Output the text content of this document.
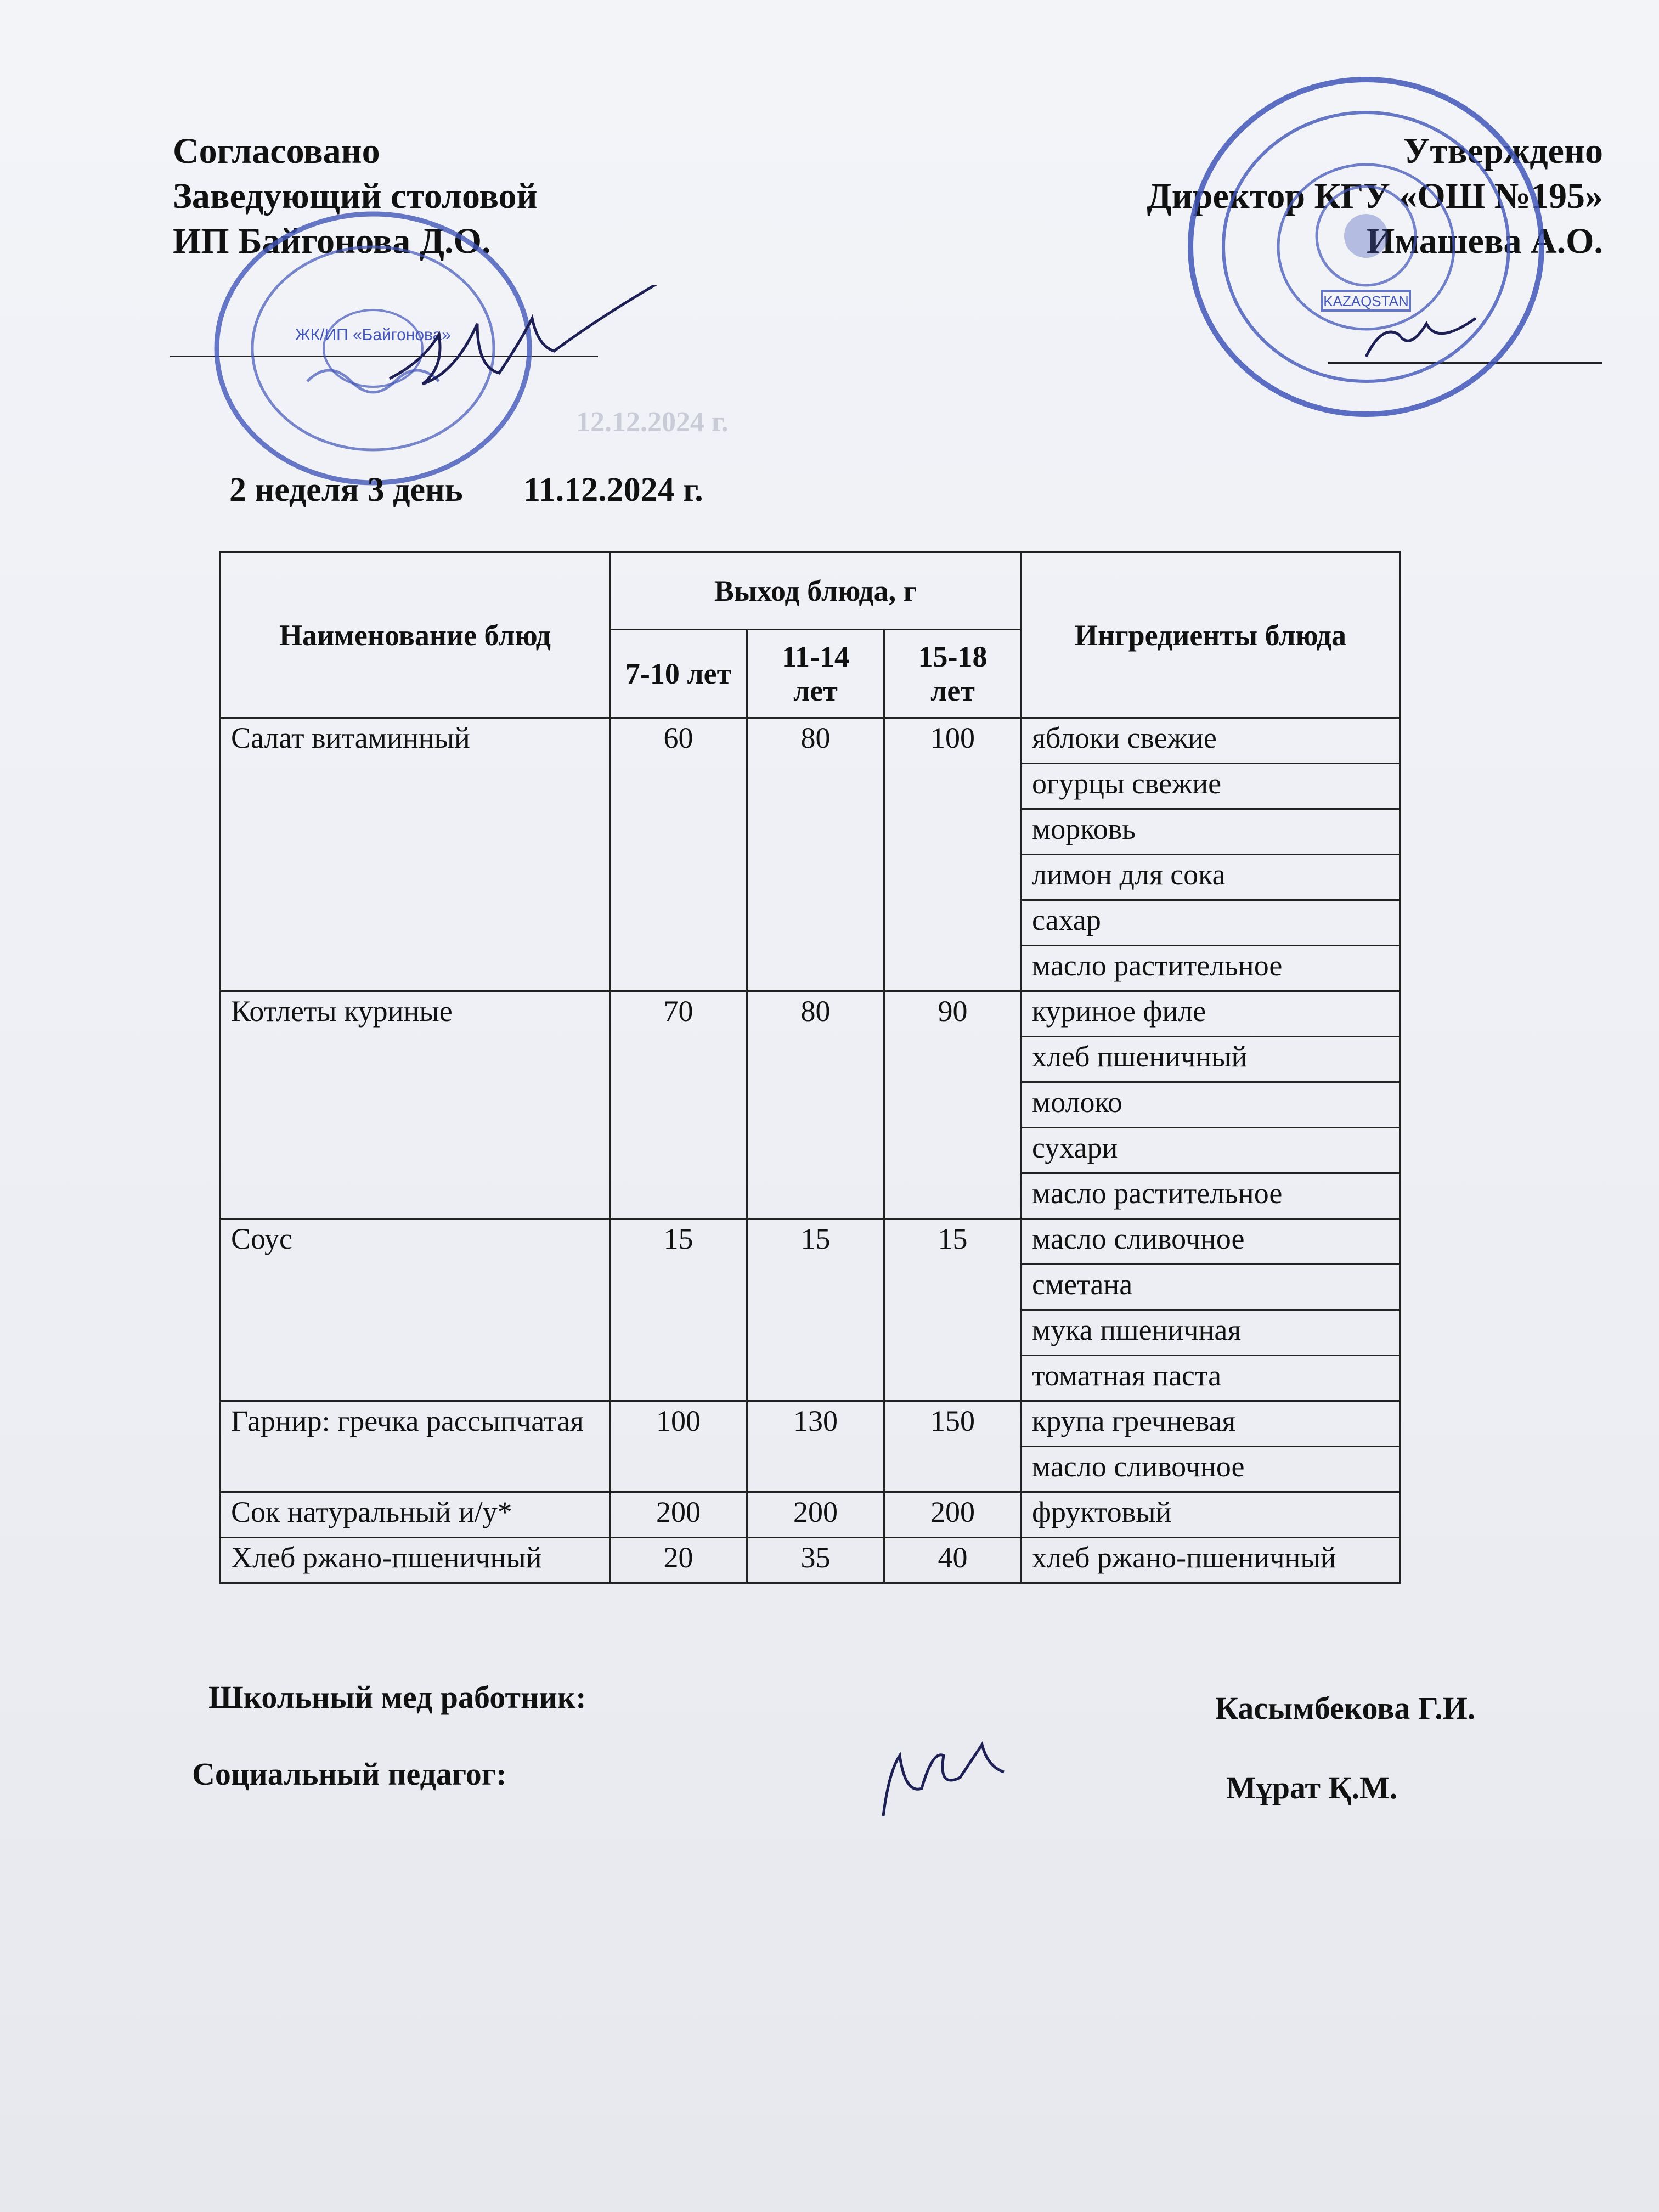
12.12.2024 г.
Согласовано
Заведующий столовой
ИП Байгонова Д.О.
Утверждено
Директор КГУ «ОШ №195»
Имашева А.О.
ЖК/ИП «Байгонова»
KAZAQSTAN
2 неделя 3 день 11.12.2024 г.
Наименование блюд	Выход блюда, г			Ингредиенты блюда
	7-10 лет	11-14 лет	15-18 лет	
Салат витаминный	60	80	100	яблоки свежие
				огурцы свежие
				морковь
				лимон для сока
				сахар
				масло растительное
Котлеты куриные	70	80	90	куриное филе
				хлеб пшеничный
				молоко
				сухари
				масло растительное
Соус	15	15	15	масло сливочное
				сметана
				мука пшеничная
				томатная паста
Гарнир: гречка рассыпчатая	100	130	150	крупа гречневая
				масло сливочное
Сок натуральный и/у*	200	200	200	фруктовый
Хлеб ржано-пшеничный	20	35	40	хлеб ржано-пшеничный
Школьный мед работник:	Касымбекова Г.И.
Социальный педагог:	Мұрат Қ.М.
